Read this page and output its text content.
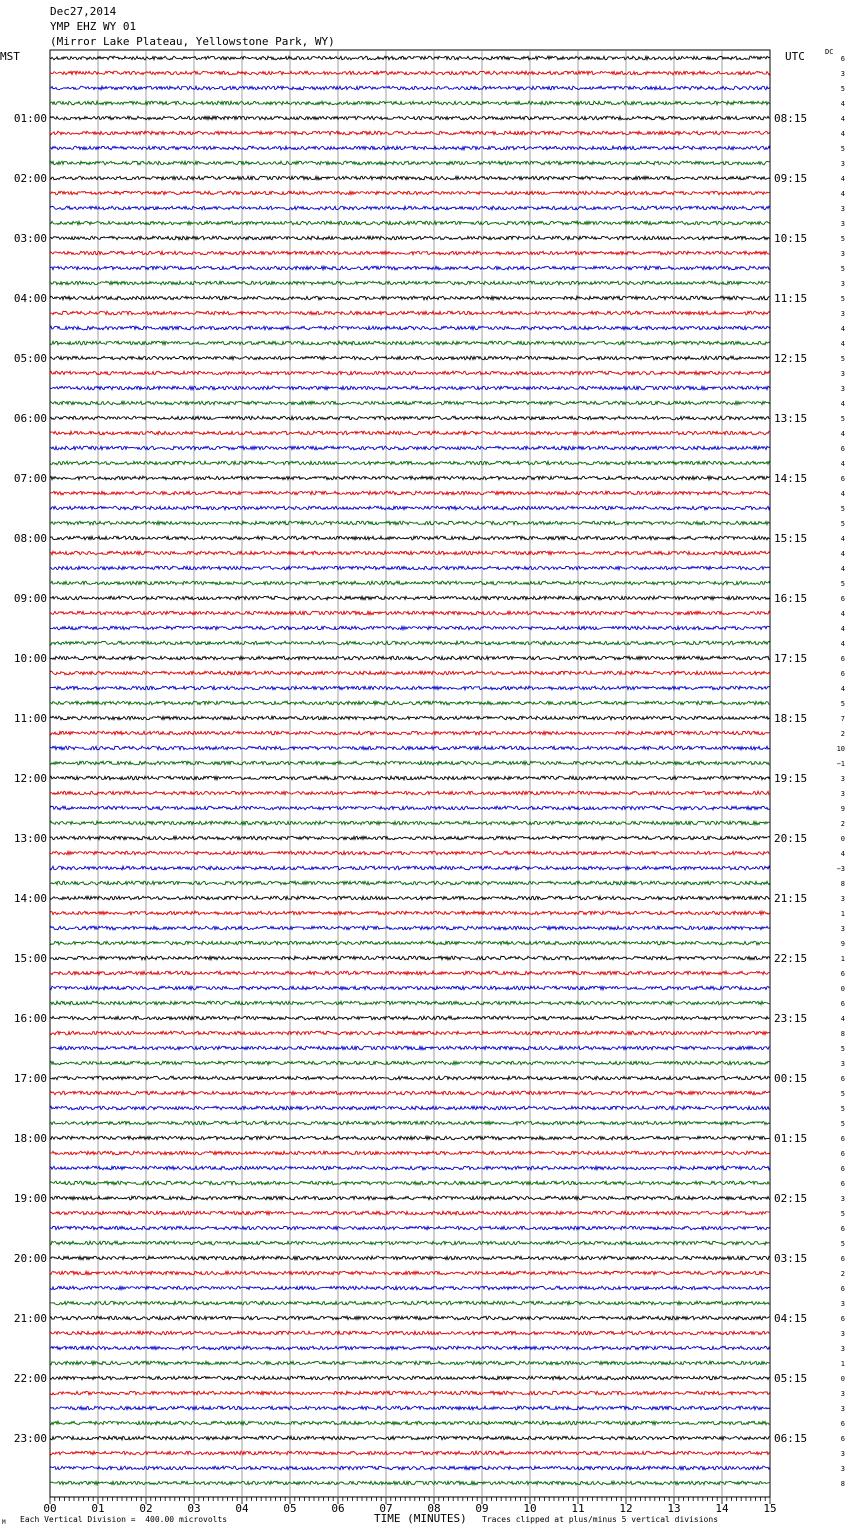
Dec27,2014
YMP EHZ WY 01
(Mirror Lake Plateau, Yellowstone Park, WY)
MST	UTC	DC
01:00
02:00
03:00
04:00
05:00
06:00
07:00
08:00
09:00
10:00
11:00
12:00
13:00
14:00
15:00
16:00
17:00
18:00
19:00
20:00
21:00
22:00
23:00
08:15
09:15
10:15
11:15
12:15
13:15
14:15
15:15
16:15
17:15
18:15
19:15
20:15
21:15
22:15
23:15
00:15
01:15
02:15
03:15
04:15
05:15
06:15
6
3
5
4
4
4
5
3
4
4
3
3
5
3
5
3
5
3
4
4
5
3
3
4
5
4
6
4
6
4
5
5
4
4
4
5
6
4
4
4
6
6
4
5
7
2
10
−1
3
3
9
2
0
4
−3
8
3
1
3
9
1
6
0
6
4
8
5
3
6
5
5
5
6
6
6
6
3
5
6
5
6
2
6
3
6
3
3
1
0
3
3
6
6
3
3
8
00	01	02	03	04	05	06	07	08	09	10	11	12	13	14	15
M Each Vertical Division =  400.00 microvolts	TIME (MINUTES) Traces clipped at plus/minus 5 vertical divisions
